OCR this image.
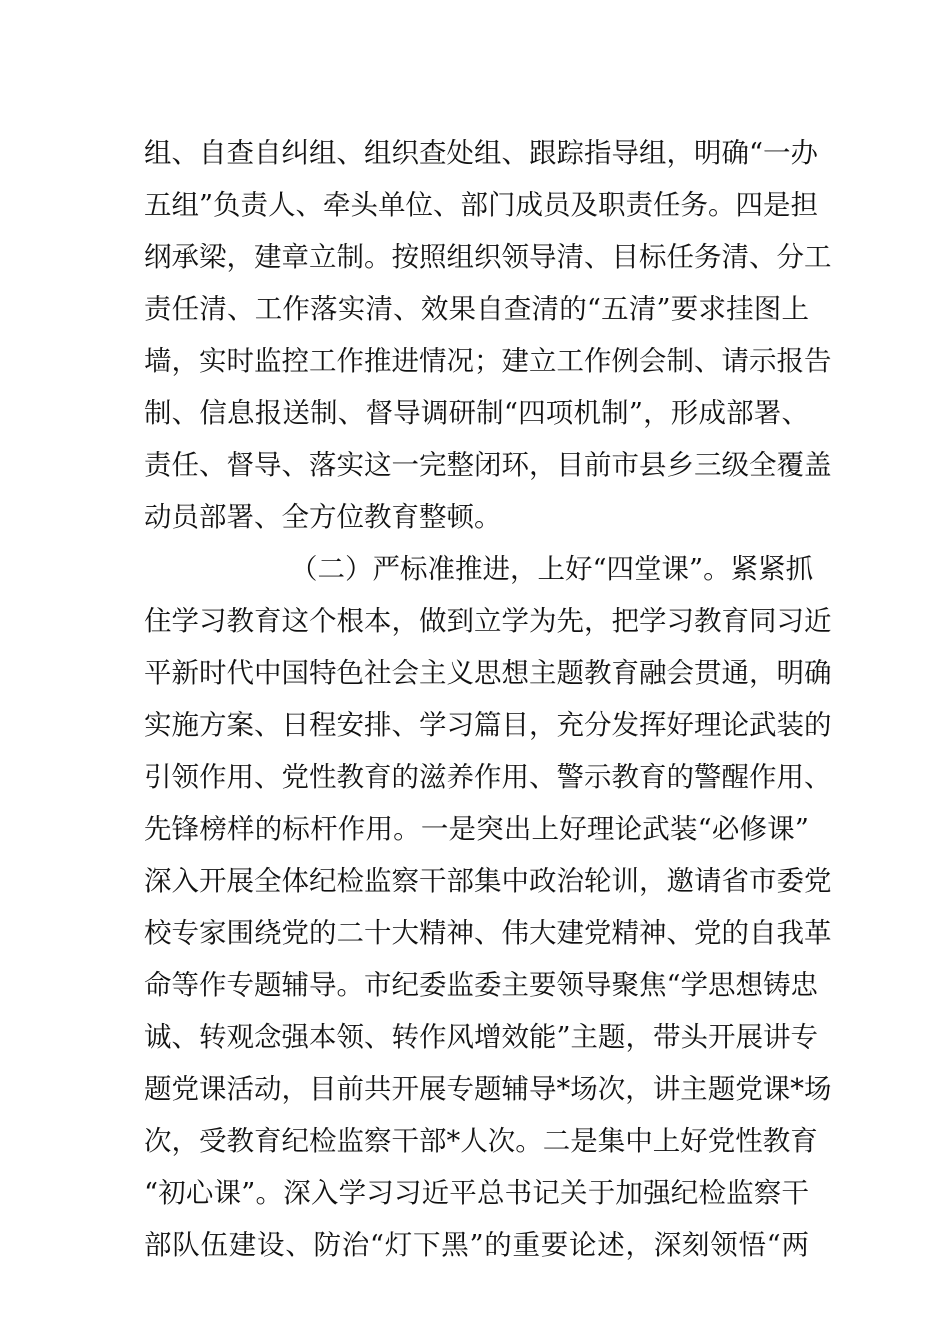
组、自查自纠组、组织查处组、跟踪指导组，明确“一办
五组”负责人、牵头单位、部门成员及职责任务。四是担
纲承梁，建章立制。按照组织领导清、目标任务清、分工
责任清、工作落实清、效果自查清的“五清”要求挂图上
墙，实时监控工作推进情况；建立工作例会制、请示报告
制、信息报送制、督导调研制“四项机制”，形成部署、
责任、督导、落实这一完整闭环，目前市县乡三级全覆盖
动员部署、全方位教育整顿。
（二）严标准推进，上好“四堂课”。紧紧抓
住学习教育这个根本，做到立学为先，把学习教育同习近
平新时代中国特色社会主义思想主题教育融会贯通，明确
实施方案、日程安排、学习篇目，充分发挥好理论武装的
引领作用、党性教育的滋养作用、警示教育的警醒作用、
先锋榜样的标杆作用。一是突出上好理论武装“必修课”
深入开展全体纪检监察干部集中政治轮训，邀请省市委党
校专家围绕党的二十大精神、伟大建党精神、党的自我革
命等作专题辅导。市纪委监委主要领导聚焦“学思想铸忠
诚、转观念强本领、转作风增效能”主题，带头开展讲专
题党课活动，目前共开展专题辅导*场次，讲主题党课*场
次，受教育纪检监察干部*人次。二是集中上好党性教育
“初心课”。深入学习习近平总书记关于加强纪检监察干
部队伍建设、防治“灯下黑”的重要论述，深刻领悟“两
